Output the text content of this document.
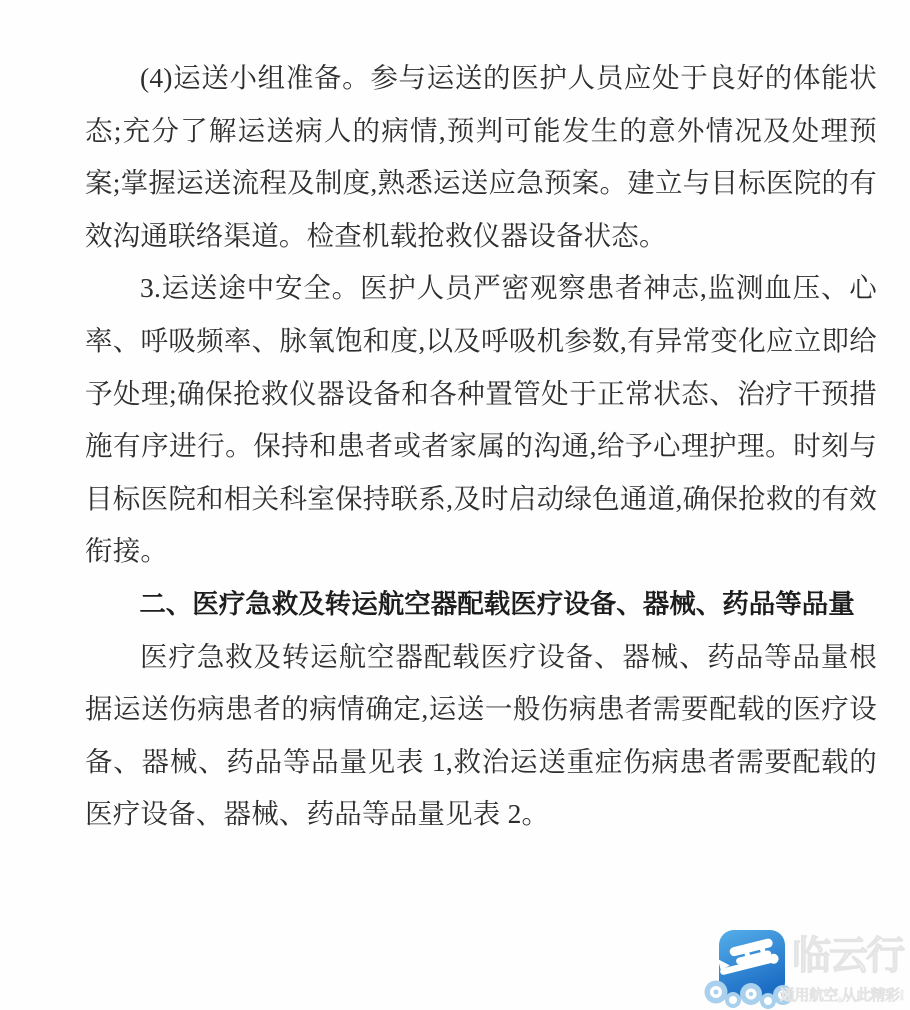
(4)运送小组准备。参与运送的医护人员应处于良好的体能状态;充分了解运送病人的病情,预判可能发生的意外情况及处理预案;掌握运送流程及制度,熟悉运送应急预案。建立与目标医院的有效沟通联络渠道。检查机载抢救仪器设备状态。

3.运送途中安全。医护人员严密观察患者神志,监测血压、心率、呼吸频率、脉氧饱和度,以及呼吸机参数,有异常变化应立即给予处理;确保抢救仪器设备和各种置管处于正常状态、治疗干预措施有序进行。保持和患者或者家属的沟通,给予心理护理。时刻与目标医院和相关科室保持联系,及时启动绿色通道,确保抢救的有效衔接。

二、医疗急救及转运航空器配载医疗设备、器械、药品等品量

医疗急救及转运航空器配载医疗设备、器械、药品等品量根据运送伤病患者的病情确定,运送一般伤病患者需要配载的医疗设备、器械、药品等品量见表 1,救治运送重症伤病患者需要配载的医疗设备、器械、药品等品量见表 2。

临云行
通用航空,从此精彩!
